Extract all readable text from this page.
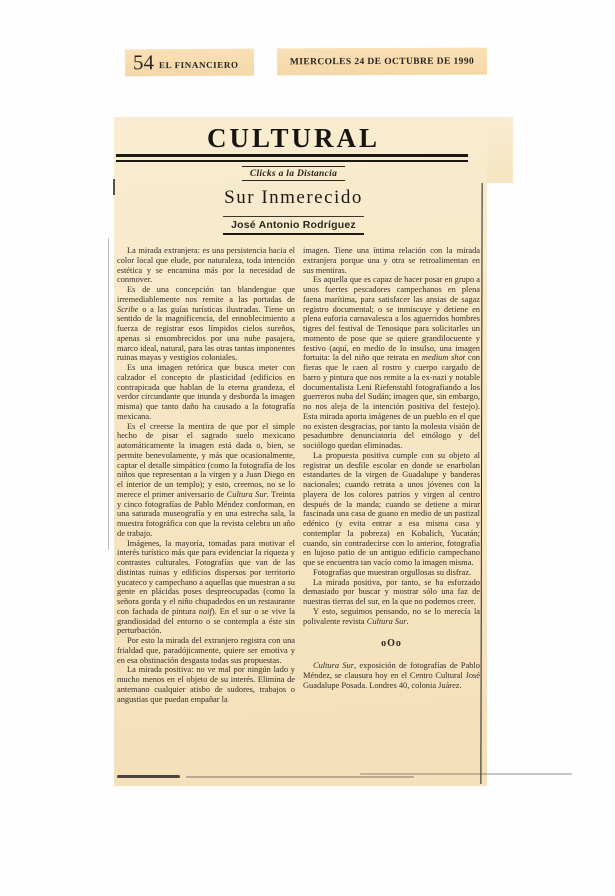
54 EL FINANCIERO	MIERCOLES 24 DE OCTUBRE DE 1990
CULTURAL
Clicks a la Distancia
Sur Inmerecido
José Antonio Rodríguez

La mirada extranjera: es una persistencia hacia el color local que elude, por naturaleza, toda intención estética y se encamina más por la necesidad de conmover.

Es de una concepción tan blandengue que irremediablemente nos remite a las portadas de Scribe o a las guías turísticas ilustradas. Tiene un sentido de la magnificencia, del ennoblecimiento a fuerza de registrar esos límpidos cielos sureños, apenas si ensombrecidos por una nube pasajera, marco ideal, natural, para las otras tantas imponentes ruinas mayas y vestigios coloniales.

Es una imagen retórica que busca meter con calzador el concepto de plasticidad (edificios en contrapicada que hablan de la eterna grandeza, el verdor circundante que inunda y desborda la imagen misma) que tanto daño ha causado a la fotografía mexicana.

Es el creerse la mentira de que por el simple hecho de pisar el sagrado suelo mexicano automáticamente la imagen está dada o, bien, se permite benevolamente, y más que ocasionalmente, captar el detalle simpático (como la fotografía de los niños que representan a la virgen y a Juan Diego en el interior de un templo); y esto, creemos, no se lo merece el primer aniversario de Cultura Sur. Treinta y cinco fotografías de Pablo Méndez conforman, en una saturada museografía y en una estrecha sala, la muestra fotográfica con que la revista celebra un año de trabajo.

Imágenes, la mayoría, tomadas para motivar el interés turístico más que para evidenciar la riqueza y contrastes culturales. Fotografías que van de las distintas ruinas y edificios dispersos por territorio yucateco y campechano a aquellas que muestran a su gente en plácidas poses despreocupadas (como la señora gorda y el niño chupadedos en un restaurante con fachada de pintura naif). En el sur o se vive la grandiosidad del entorno o se contempla a éste sin perturbación.

Por esto la mirada del extranjero registra con una frialdad que, paradójicamente, quiere ser emotiva y en esa obstinación desgasta todas sus propuestas.

La mirada positiva: no ve mal por ningún lado y mucho menos en el objeto de su interés. Elimina de antemano cualquier atisbo de sudores, trabajos o angustias que puedan empañar la

imagen. Tiene una íntima relación con la mirada extranjera porque una y otra se retroalimentan en sus mentiras.

Es aquella que es capaz de hacer posar en grupo a unos fuertes pescadores campechanos en plena faena marítima, para satisfacer las ansias de sagaz registro documental; o se inmiscuye y detiene en plena euforia carnavalesca a los aguerridos hombres tigres del festival de Tenosique para solicitarles un momento de pose que se quiere grandilocuente y festivo (aquí, en medio de lo insulso, una imagen fortuita: la del niño que retrata en medium shot con fieras que le caen al rostro y cuerpo cargado de barro y pintura que nos remite a la ex-nazi y notable documentalista Leni Riefenstahl fotografiando a los guerreros nuba del Sudán; imagen que, sin embargo, no nos aleja de la intención positiva del festejo). Esta mirada aporta imágenes de un pueblo en el que no existen desgracias, por tanto la molesta visión de pesadumbre denunciatoria del etnólogo y del sociólogo quedan eliminadas.

La propuesta positiva cumple con su objeto al registrar un desfile escolar en donde se enarbolan estandartes de la virgen de Guadalupe y banderas nacionales; cuando retrata a unos jóvenes con la playera de los colores patrios y virgen al centro después de la manda; cuando se detiene a mirar fascinada una casa de guano en medio de un pastizal edénico (y evita entrar a esa misma casa y contemplar la pobreza) en Kobalich, Yucatán; cuando, sin contradecirse con lo anterior, fotografía en lujoso patio de un antiguo edificio campechano que se encuentra tan vacío como la imagen misma.

Fotografías que muestran orgullosas su disfraz.

La mirada positiva, por tanto, se ha esforzado demasiado por buscar y mostrar sólo una faz de nuestras tierras del sur, en la que no podemos creer.

Y esto, seguimos pensando, no se lo merecía la polivalente revista Cultura Sur.

oOo

Cultura Sur, exposición de fotografías de Pablo Méndez, se clausura hoy en el Centro Cultural José Guadalupe Posada. Londres 40, colonia Juárez.
